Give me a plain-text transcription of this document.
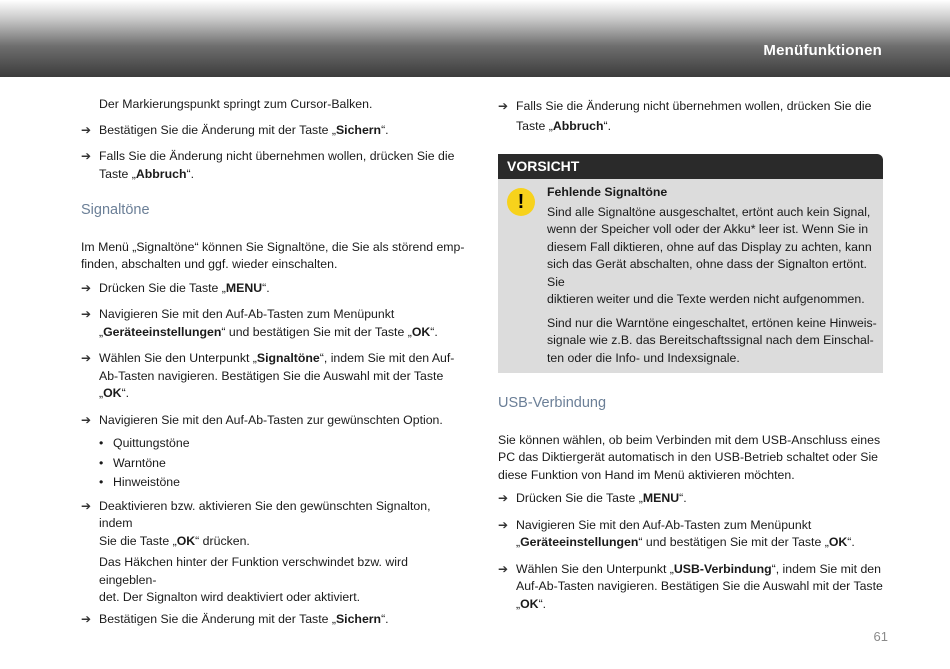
Menüfunktionen

Der Markierungspunkt springt zum Cursor-Balken.

➔ Bestätigen Sie die Änderung mit der Taste „Sichern“.
➔ Falls Sie die Änderung nicht übernehmen wollen, drücken Sie die
Taste „Abbruch“.
Signaltöne

Im Menü „Signaltöne“ können Sie Signaltöne, die Sie als störend emp-
finden, abschalten und ggf. wieder einschalten.

➔ Drücken Sie die Taste „MENU“.
➔ Navigieren Sie mit den Auf-Ab-Tasten zum Menüpunkt
„Geräteeinstellungen“ und bestätigen Sie mit der Taste „OK“.
➔ Wählen Sie den Unterpunkt „Signaltöne“, indem Sie mit den Auf-
Ab-Tasten navigieren. Bestätigen Sie die Auswahl mit der Taste
„OK“.
➔ Navigieren Sie mit den Auf-Ab-Tasten zur gewünschten Option.
• Quittungstöne
• Warntöne
• Hinweistöne
➔ Deaktivieren bzw. aktivieren Sie den gewünschten Signalton, indem
Sie die Taste „OK“ drücken.

Das Häkchen hinter der Funktion verschwindet bzw. wird eingeblen-
det. Der Signalton wird deaktiviert oder aktiviert.

➔ Bestätigen Sie die Änderung mit der Taste „Sichern“.
➔ Falls Sie die Änderung nicht übernehmen wollen, drücken Sie die
Taste „Abbruch“.
VORSICHT
!	Fehlende Signaltöne

Sind alle Signaltöne ausgeschaltet, ertönt auch kein Signal,
wenn der Speicher voll oder der Akku* leer ist. Wenn Sie in
diesem Fall diktieren, ohne auf das Display zu achten, kann
sich das Gerät abschalten, ohne dass der Signalton ertönt. Sie
diktieren weiter und die Texte werden nicht aufgenommen.

Sind nur die Warntöne eingeschaltet, ertönen keine Hinweis-
signale wie z.B. das Bereitschaftssignal nach dem Einschal-
ten oder die Info- und Indexsignale.

USB-Verbindung

Sie können wählen, ob beim Verbinden mit dem USB-Anschluss eines
PC das Diktiergerät automatisch in den USB-Betrieb schaltet oder Sie
diese Funktion von Hand im Menü aktivieren möchten.

➔ Drücken Sie die Taste „MENU“.
➔ Navigieren Sie mit den Auf-Ab-Tasten zum Menüpunkt
„Geräteeinstellungen“ und bestätigen Sie mit der Taste „OK“.
➔ Wählen Sie den Unterpunkt „USB-Verbindung“, indem Sie mit den
Auf-Ab-Tasten navigieren. Bestätigen Sie die Auswahl mit der Taste
„OK“.
61
